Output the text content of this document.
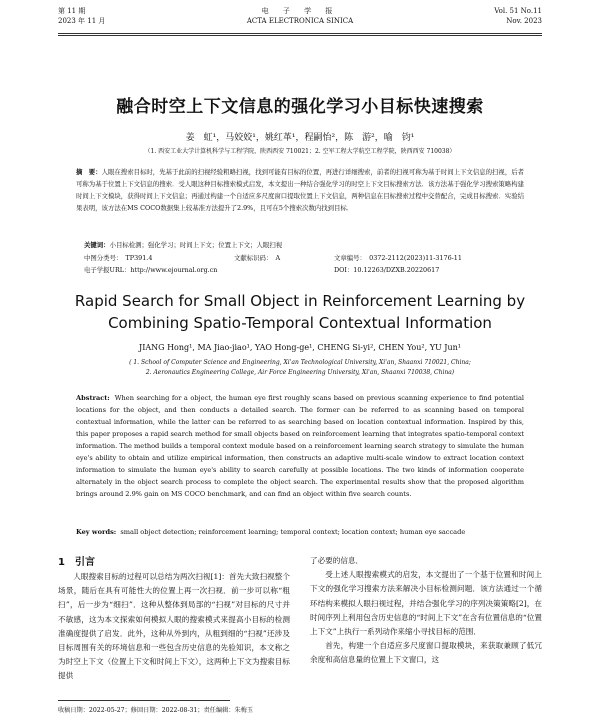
第 11 期
2023 年 11 月
电 子 学 报
ACTA ELECTRONICA SINICA
Vol. 51 No.11
Nov. 2023
融合时空上下文信息的强化学习小目标快速搜索
姜　虹¹，马姣姣¹，姚红革¹，程嗣怡²，陈　游²，喻　钧¹
（1. 西安工业大学计算机科学与工程学院，陕西西安 710021；2. 空军工程大学航空工程学院，陕西西安 710038）
摘　要：人眼在搜索目标时，先基于此前的扫视经验粗略扫视，找到可能有目标的位置，再进行详细搜索，前者的扫视可称为基于时间上下文信息的扫视，后者可称为基于位置上下文信息的搜索．受人眼这种目标搜索模式启发，本文提出一种结合强化学习的时空上下文目标搜索方法．该方法基于强化学习搜索策略构建时间上下文模块，获得时间上下文信息；再通过构建一个自适应多尺度窗口提取位置上下文信息，两种信息在目标搜索过程中交替配合，完成目标搜索．实验结果表明，该方法在MS COCO数据集上较基准方法提升了2.9%，且可在5个搜索次数内找到目标．
关键词：小目标检测；强化学习；时间上下文；位置上下文；人眼扫视
中图分类号：　TP391.4	文献标识码：　A	文章编号：　0372-2112(2023)11-3176-11
电子学报URL：http://www.ejournal.org.cn	DOI：10.12263/DZXB.20220617
Rapid Search for Small Object in Reinforcement Learning by
Combining Spatio-Temporal Contextual Information
JIANG Hong¹, MA Jiao-jiao¹, YAO Hong-ge¹, CHENG Si-yi², CHEN You², YU Jun¹
( 1. School of Computer Science and Engineering, Xi'an Technological University, Xi'an, Shaanxi 710021, China;
2. Aeronautics Engineering College, Air Force Engineering University, Xi'an, Shaanxi 710038, China)
Abstract: When searching for a object, the human eye first roughly scans based on previous scanning experience to find potential locations for the object, and then conducts a detailed search. The former can be referred to as scanning based on temporal contextual information, while the latter can be referred to as searching based on location contextual information. Inspired by this, this paper proposes a rapid search method for small objects based on reinforcement learning that integrates spatio-temporal context information. The method builds a temporal context module based on a reinforcement learning search strategy to simulate the human eye's ability to obtain and utilize empirical information, then constructs an adaptive multi-scale window to extract location context information to simulate the human eye's ability to search carefully at possible locations. The two kinds of information cooperate alternately in the object search process to complete the object search. The experimental results show that the proposed algorithm brings around 2.9% gain on MS COCO benchmark, and can find an object within five search counts.
Key words: small object detection; reinforcement learning; temporal context; location context; human eye saccade
1　引言
人眼搜索目标的过程可以总结为两次扫视[1]：首先大致扫视整个场景，随后在具有可能性大的位置上再一次扫视．前一步可以称“粗扫”，后一步为“细扫”．这种从整体到局部的“扫视”对目标的尺寸并不敏感，这为本文探索如何模拟人眼的搜索模式来提高小目标的检测准确度提供了启发．此外，这种从外到内，从粗到细的“扫视”还涉及目标周围有关的环境信息和一些包含历史信息的先验知识，本文称之为时空上下文（位置上下文和时间上下文），这两种上下文为搜索目标提供
了必要的信息．
受上述人眼搜索模式的启发，本文提出了一个基于位置和时间上下文的强化学习搜索方法来解决小目标检测问题．该方法通过一个循环结构来模拟人眼扫视过程，并结合强化学习的序列决策策略[2]，在时间序列上利用包含历史信息的“时间上下文”在含有位置信息的“位置上下文”上执行一系列动作来缩小寻找目标的范围．
首先，构建一个自适应多尺度窗口提取模块，来获取兼顾了低冗余度和高信息量的位置上下文窗口，这
收稿日期：2022-05-27；修回日期：2022-08-31；责任编辑：朱梅玉
